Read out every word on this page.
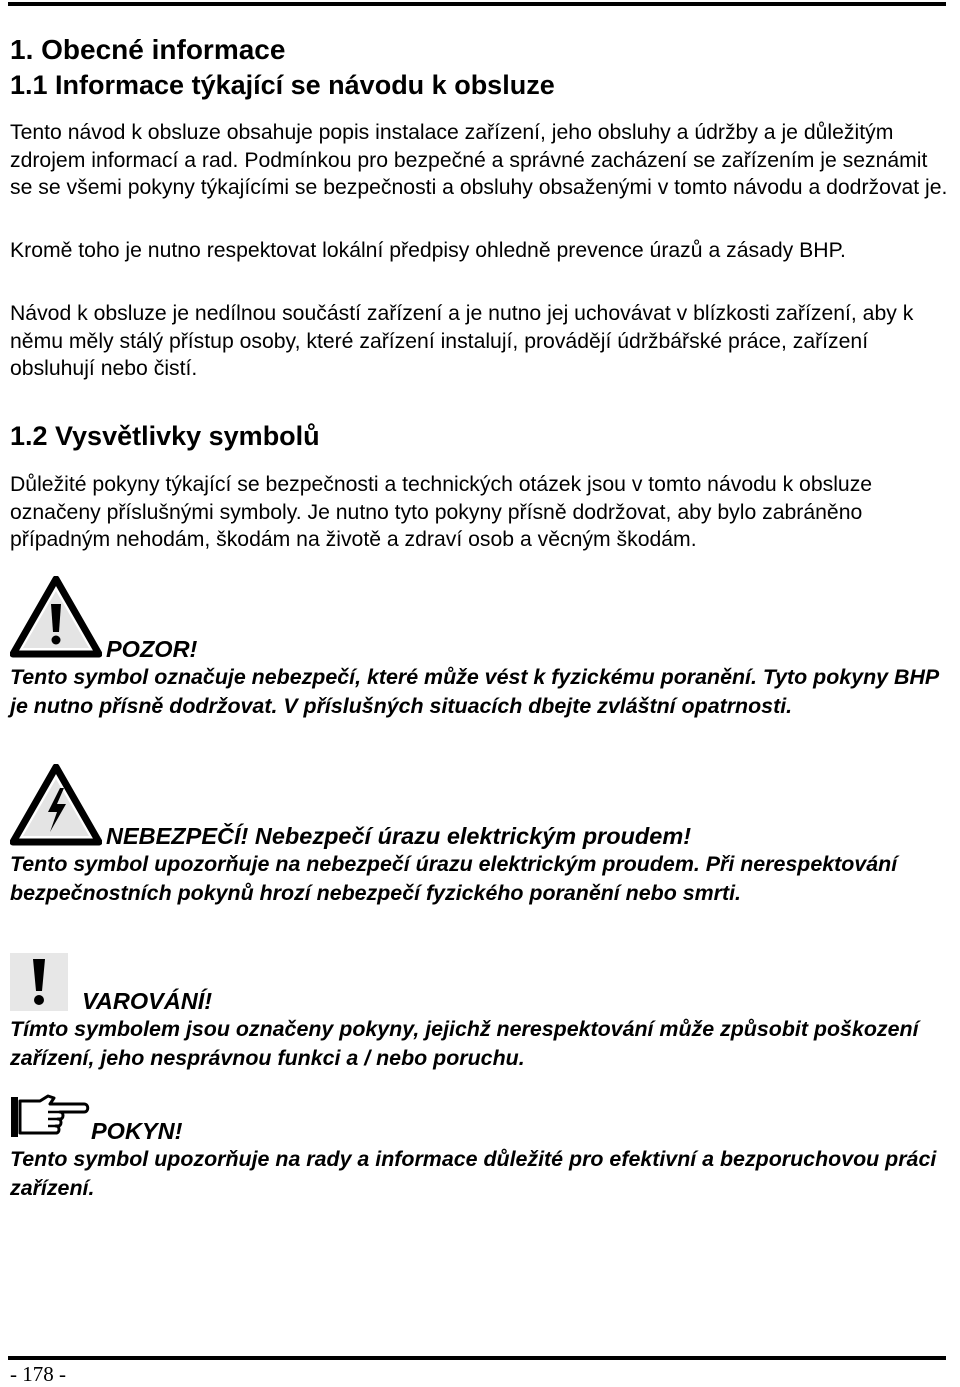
1. Obecné informace
1.1 Informace týkající se návodu k obsluze

Tento návod k obsluze obsahuje popis instalace zařízení, jeho obsluhy a údržby a je důležitým zdrojem informací a rad. Podmínkou pro bezpečné a správné zacházení se zařízením je seznámit se se všemi pokyny týkajícími se bezpečnosti a obsluhy obsaženými v tomto návodu a dodržovat je.

Kromě toho je nutno respektovat lokální předpisy ohledně prevence úrazů a zásady BHP.

Návod k obsluze je nedílnou součástí zařízení a je nutno jej uchovávat v blízkosti zařízení, aby k němu měly stálý přístup osoby, které zařízení instalují, provádějí údržbářské práce, zařízení obsluhují nebo čistí.

1.2 Vysvětlivky symbolů

Důležité pokyny týkající se bezpečnosti a technických otázek jsou v tomto návodu k obsluze označeny příslušnými symboly. Je nutno tyto pokyny přísně dodržovat, aby bylo zabráněno případným nehodám, škodám na životě a zdraví osob a věcným škodám.

POZOR!

Tento symbol označuje nebezpečí, které může vést k fyzickému poranění. Tyto pokyny BHP je nutno přísně dodržovat. V příslušných situacích dbejte zvláštní opatrnosti.

NEBEZPEČÍ! Nebezpečí úrazu elektrickým proudem!

Tento symbol upozorňuje na nebezpečí úrazu elektrickým proudem. Při nerespektování bezpečnostních pokynů hrozí nebezpečí fyzického poranění nebo smrti.

VAROVÁNÍ!

Tímto symbolem jsou označeny pokyny, jejichž nerespektování může způsobit poškození zařízení, jeho nesprávnou funkci a / nebo poruchu.

POKYN!

Tento symbol upozorňuje na rady a informace důležité pro efektivní a bezporuchovou práci zařízení.

- 178 -
